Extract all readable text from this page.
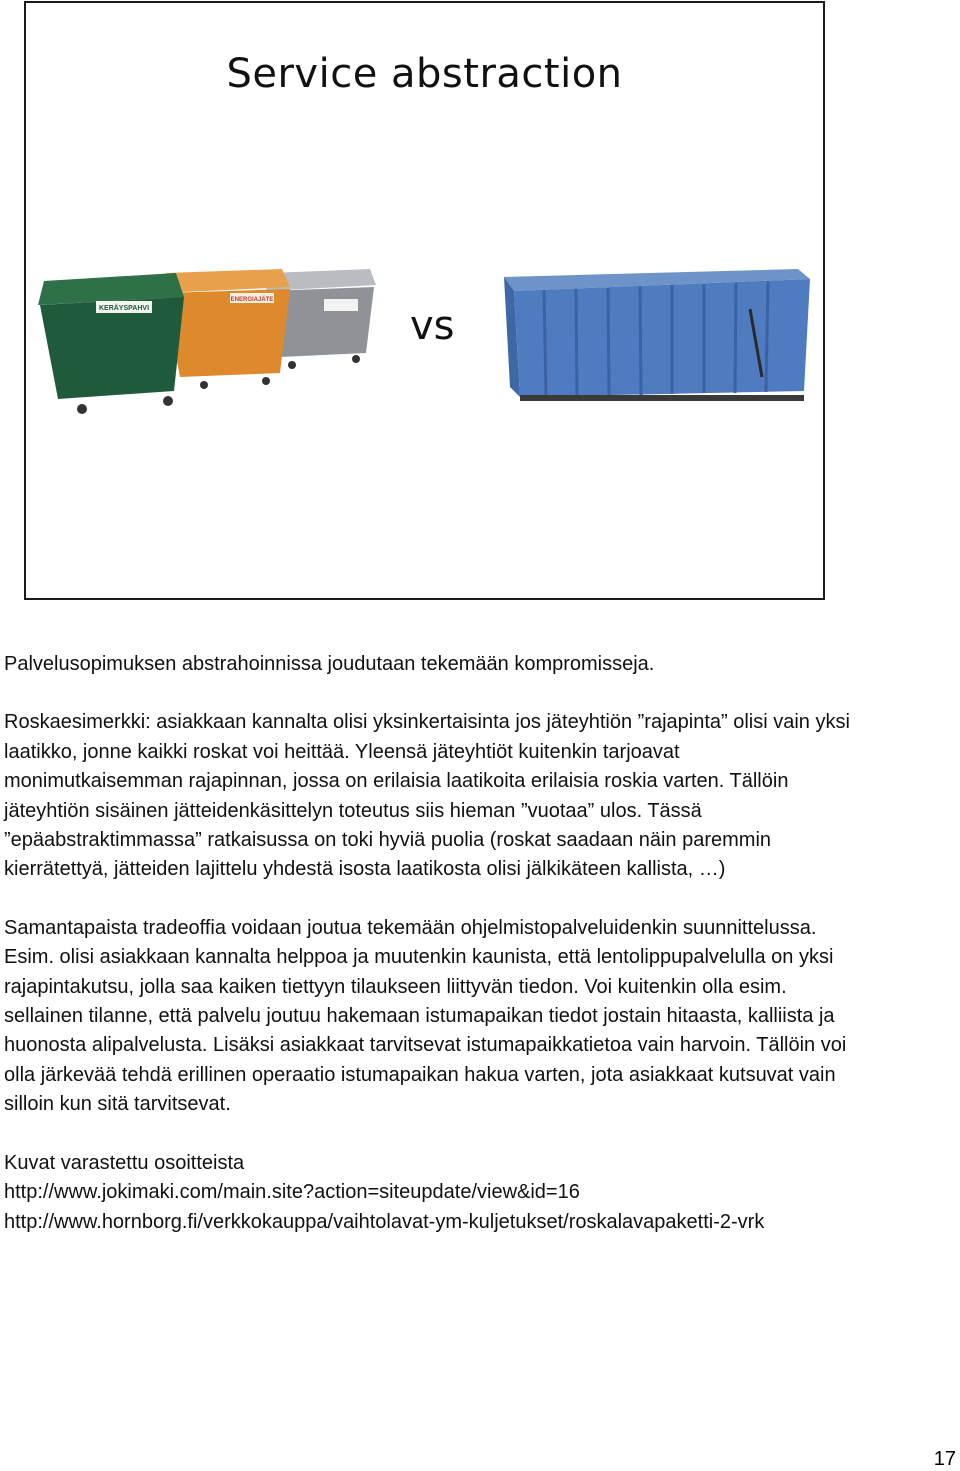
Service abstraction
ENERGIAJÄTE
KERÄYSPAHVI	vs

Palvelusopimuksen abstrahoinnissa joudutaan tekemään kompromisseja.

Roskaesimerkki: asiakkaan kannalta olisi yksinkertaisinta jos jäteyhtiön ”rajapinta” olisi vain yksi laatikko, jonne kaikki roskat voi heittää. Yleensä jäteyhtiöt kuitenkin tarjoavat monimutkaisemman rajapinnan, jossa on erilaisia laatikoita erilaisia roskia varten. Tällöin jäteyhtiön sisäinen jätteidenkäsittelyn toteutus siis hieman ”vuotaa” ulos. Tässä ”epäabstraktimmassa” ratkaisussa on toki hyviä puolia (roskat saadaan näin paremmin kierrätettyä, jätteiden lajittelu yhdestä isosta laatikosta olisi jälkikäteen kallista, …)

Samantapaista tradeoffia voidaan joutua tekemään ohjelmistopalveluidenkin suunnittelussa. Esim. olisi asiakkaan kannalta helppoa ja muutenkin kaunista, että lentolippupalvelulla on yksi rajapintakutsu, jolla saa kaiken tiettyyn tilaukseen liittyvän tiedon. Voi kuitenkin olla esim. sellainen tilanne, että palvelu joutuu hakemaan istumapaikan tiedot jostain hitaasta, kalliista ja huonosta alipalvelusta. Lisäksi asiakkaat tarvitsevat istumapaikkatietoa vain harvoin. Tällöin voi olla järkevää tehdä erillinen operaatio istumapaikan hakua varten, jota asiakkaat kutsuvat vain silloin kun sitä tarvitsevat.

Kuvat varastettu osoitteista
http://www.jokimaki.com/main.site?action=siteupdate/view&id=16
http://www.hornborg.fi/verkkokauppa/vaihtolavat-ym-kuljetukset/roskalavapaketti-2-vrk

17
